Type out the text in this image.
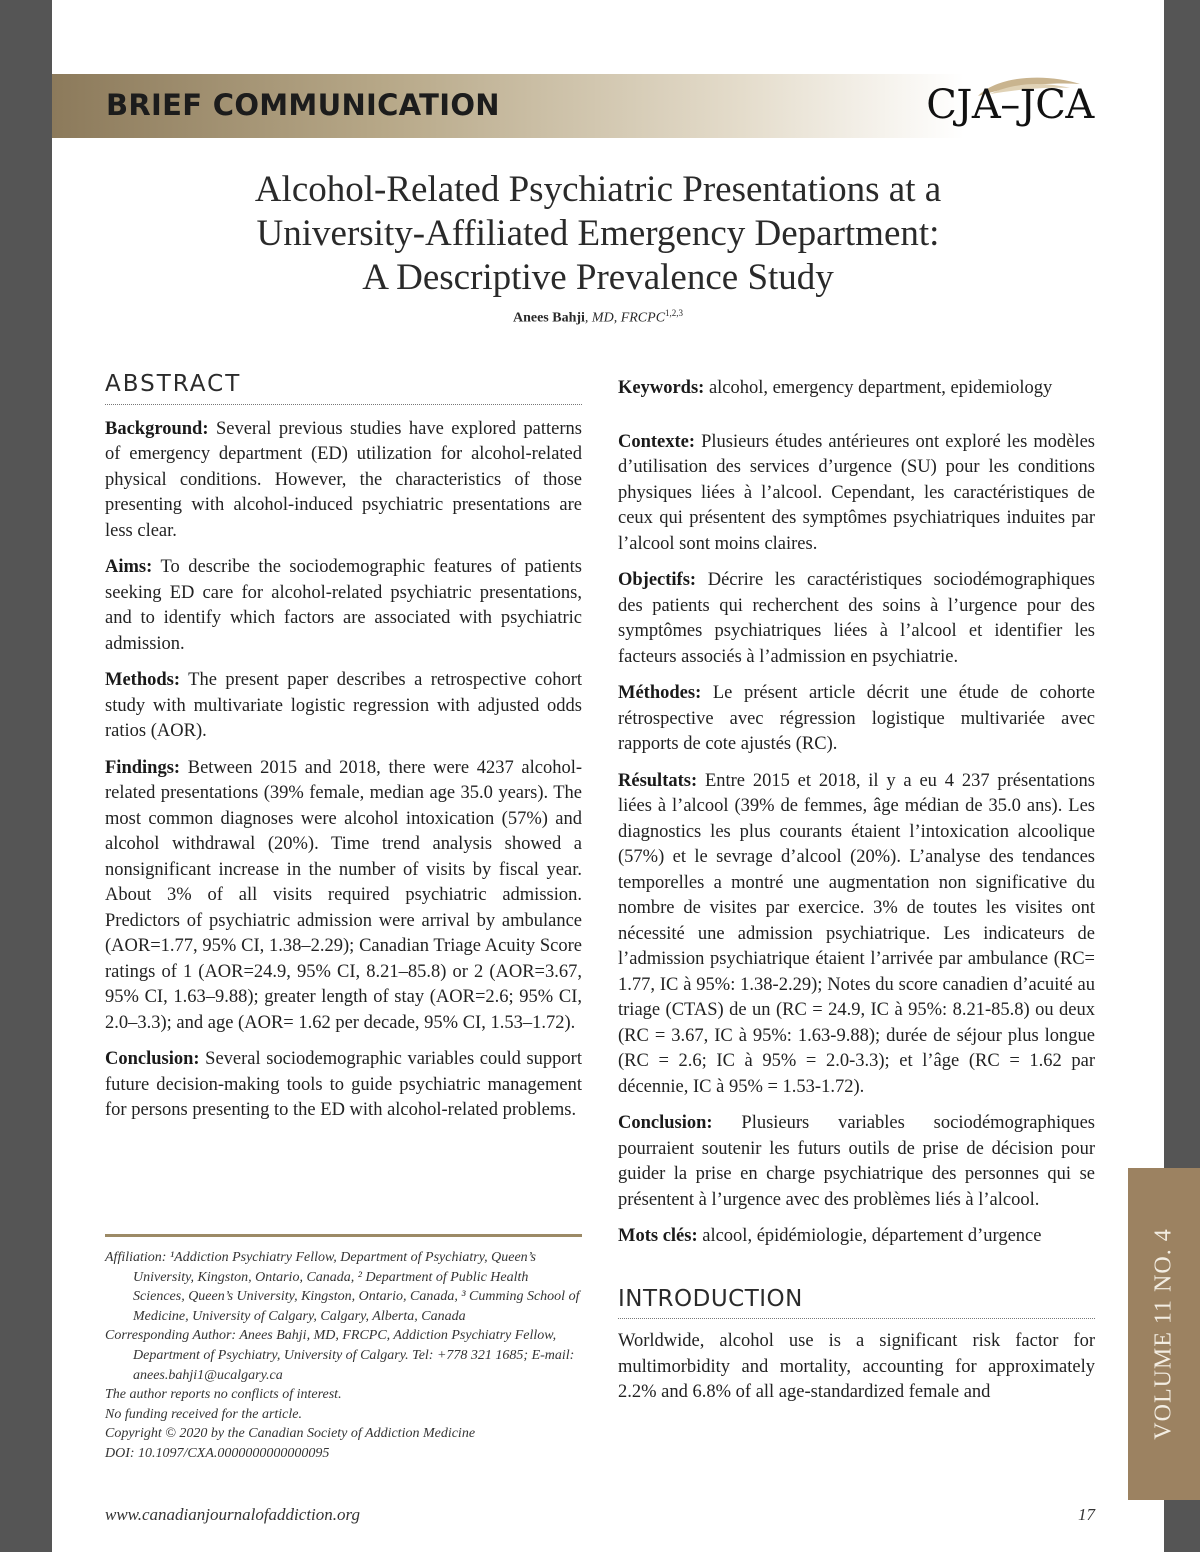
BRIEF COMMUNICATION	CJA–JCA
Alcohol-Related Psychiatric Presentations at a
University-Affiliated Emergency Department:
A Descriptive Prevalence Study
Anees Bahji, MD, FRCPC$^{1,2,3}$
ABSTRACT

Background: Several previous studies have explored patterns of emergency department (ED) utilization for alcohol-related physical conditions. However, the characteristics of those presenting with alcohol-induced psychiatric presentations are less clear.

Aims: To describe the sociodemographic features of patients seeking ED care for alcohol-related psychiatric presentations, and to identify which factors are associated with psychiatric admission.

Methods: The present paper describes a retrospective cohort study with multivariate logistic regression with adjusted odds ratios (AOR).

Findings: Between 2015 and 2018, there were 4237 alcohol-related presentations (39% female, median age 35.0 years). The most common diagnoses were alcohol intoxication (57%) and alcohol withdrawal (20%). Time trend analysis showed a nonsignificant increase in the number of visits by fiscal year. About 3% of all visits required psychiatric admission. Predictors of psychiatric admission were arrival by ambulance (AOR=1.77, 95% CI, 1.38–2.29); Canadian Triage Acuity Score ratings of 1 (AOR=24.9, 95% CI, 8.21–85.8) or 2 (AOR=3.67, 95% CI, 1.63–9.88); greater length of stay (AOR=2.6; 95% CI, 2.0–3.3); and age (AOR= 1.62 per decade, 95% CI, 1.53–1.72).

Conclusion: Several sociodemographic variables could support future decision-making tools to guide psychiatric management for persons presenting to the ED with alcohol-related problems.

Affiliation: ¹Addiction Psychiatry Fellow, Department of Psychiatry, Queen’s University, Kingston, Ontario, Canada, ² Department of Public Health Sciences, Queen’s University, Kingston, Ontario, Canada, ³ Cumming School of Medicine, University of Calgary, Calgary, Alberta, Canada
Corresponding Author: Anees Bahji, MD, FRCPC, Addiction Psychiatry Fellow, Department of Psychiatry, University of Calgary. Tel: +778 321 1685; E-mail: anees.bahji1@ucalgary.ca
The author reports no conflicts of interest.
No funding received for the article.
Copyright © 2020 by the Canadian Society of Addiction Medicine
DOI: 10.1097/CXA.0000000000000095

Keywords: alcohol, emergency department, epidemiology

Contexte: Plusieurs études antérieures ont exploré les modèles d’utilisation des services d’urgence (SU) pour les conditions physiques liées à l’alcool. Cependant, les caractéristiques de ceux qui présentent des symptômes psychiatriques induites par l’alcool sont moins claires.

Objectifs: Décrire les caractéristiques sociodémographiques des patients qui recherchent des soins à l’urgence pour des symptômes psychiatriques liées à l’alcool et identifier les facteurs associés à l’admission en psychiatrie.

Méthodes: Le présent article décrit une étude de cohorte rétrospective avec régression logistique multivariée avec rapports de cote ajustés (RC).

Résultats: Entre 2015 et 2018, il y a eu 4 237 présentations liées à l’alcool (39% de femmes, âge médian de 35.0 ans). Les diagnostics les plus courants étaient l’intoxication alcoolique (57%) et le sevrage d’alcool (20%). L’analyse des tendances temporelles a montré une augmentation non significative du nombre de visites par exercice. 3% de toutes les visites ont nécessité une admission psychiatrique. Les indicateurs de l’admission psychiatrique étaient l’arrivée par ambulance (RC= 1.77, IC à 95%: 1.38-2.29); Notes du score canadien d’acuité au triage (CTAS) de un (RC = 24.9, IC à 95%: 8.21-85.8) ou deux (RC = 3.67, IC à 95%: 1.63-9.88); durée de séjour plus longue (RC = 2.6; IC à 95% = 2.0-3.3); et l’âge (RC = 1.62 par décennie, IC à 95% = 1.53-1.72).

Conclusion: Plusieurs variables sociodémographiques pourraient soutenir les futurs outils de prise de décision pour guider la prise en charge psychiatrique des personnes qui se présentent à l’urgence avec des problèmes liés à l’alcool.

Mots clés: alcool, épidémiologie, département d’urgence

INTRODUCTION

Worldwide, alcohol use is a significant risk factor for multimorbidity and mortality, accounting for approximately 2.2% and 6.8% of all age-standardized female and

www.canadianjournalofaddiction.org	17
VOLUME 11 NO. 4
